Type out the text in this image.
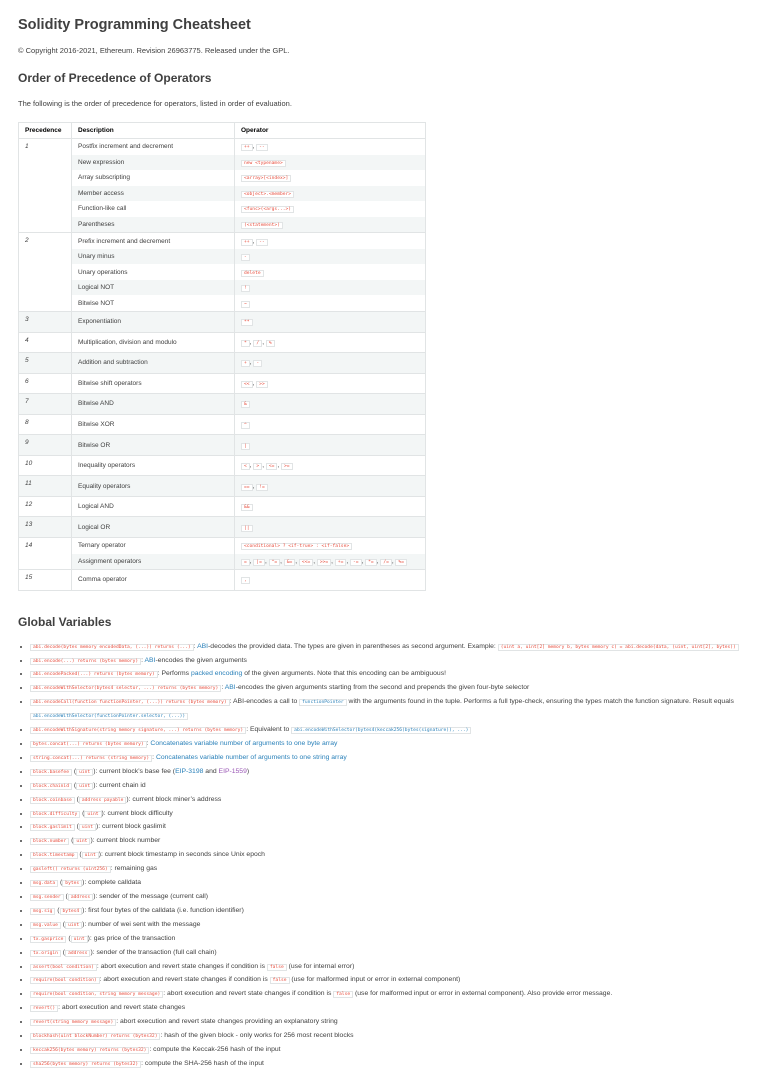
Solidity Programming Cheatsheet

© Copyright 2016-2021, Ethereum. Revision 26963775. Released under the GPL.

Order of Precedence of Operators

The following is the order of precedence for operators, listed in order of evaluation.

Precedence	Description	Operator
1	Postfix increment and decrement	++ , --
	New expression	new <typename>
	Array subscripting	<array>[<index>]
	Member access	<object>.<member>
	Function-like call	<func>(<args...>)
	Parentheses	(<statement>)
2	Prefix increment and decrement	++ , --
	Unary minus	-
	Unary operations	delete
	Logical NOT	!
	Bitwise NOT	~
3	Exponentiation	**
4	Multiplication, division and modulo	* , / , %
5	Addition and subtraction	+ , -
6	Bitwise shift operators	<< , >>
7	Bitwise AND	&
8	Bitwise XOR	^
9	Bitwise OR	|
10	Inequality operators	< , > , <= , >=
11	Equality operators	== , !=
12	Logical AND	&&
13	Logical OR	||
14	Ternary operator	<conditional> ? <if-true> : <if-false>
	Assignment operators	= , |= , ^= , &= , <<= , >>= , += , -= , *= , /= , %=
15	Comma operator	,
Global Variables
• abi.decode(bytes memory encodedData, (...)) returns (...) : ABI-decodes the provided data. The types are given in parentheses as second argument. Example: (uint a, uint[2] memory b, bytes memory c) = abi.decode(data, (uint, uint[2], bytes))
• abi.encode(...) returns (bytes memory) : ABI-encodes the given arguments
• abi.encodePacked(...) returns (bytes memory) : Performs packed encoding of the given arguments. Note that this encoding can be ambiguous!
• abi.encodeWithSelector(bytes4 selector, ...) returns (bytes memory) : ABI-encodes the given arguments starting from the second and prepends the given four-byte selector
• abi.encodeCall(function functionPointer, (...)) returns (bytes memory) : ABI-encodes a call to functionPointer with the arguments found in the tuple. Performs a full type-check, ensuring the types match the function signature. Result equals abi.encodeWithSelector(functionPointer.selector, (...))
• abi.encodeWithSignature(string memory signature, ...) returns (bytes memory) : Equivalent to abi.encodeWithSelector(bytes4(keccak256(bytes(signature)), ...)
• bytes.concat(...) returns (bytes memory) : Concatenates variable number of arguments to one byte array
• string.concat(...) returns (string memory) : Concatenates variable number of arguments to one string array
• block.basefee ( uint ): current block’s base fee (EIP-3198 and EIP-1559)
• block.chainid ( uint ): current chain id
• block.coinbase ( address payable ): current block miner’s address
• block.difficulty ( uint ): current block difficulty
• block.gaslimit ( uint ): current block gaslimit
• block.number ( uint ): current block number
• block.timestamp ( uint ): current block timestamp in seconds since Unix epoch
• gasleft() returns (uint256) : remaining gas
• msg.data ( bytes ): complete calldata
• msg.sender ( address ): sender of the message (current call)
• msg.sig ( bytes4 ): first four bytes of the calldata (i.e. function identifier)
• msg.value ( uint ): number of wei sent with the message
• tx.gasprice ( uint ): gas price of the transaction
• tx.origin ( address ): sender of the transaction (full call chain)
• assert(bool condition) : abort execution and revert state changes if condition is false (use for internal error)
• require(bool condition) : abort execution and revert state changes if condition is false (use for malformed input or error in external component)
• require(bool condition, string memory message) : abort execution and revert state changes if condition is false (use for malformed input or error in external component). Also provide error message.
• revert() : abort execution and revert state changes
• revert(string memory message) : abort execution and revert state changes providing an explanatory string
• blockhash(uint blockNumber) returns (bytes32) : hash of the given block - only works for 256 most recent blocks
• keccak256(bytes memory) returns (bytes32) : compute the Keccak-256 hash of the input
• sha256(bytes memory) returns (bytes32) : compute the SHA-256 hash of the input
